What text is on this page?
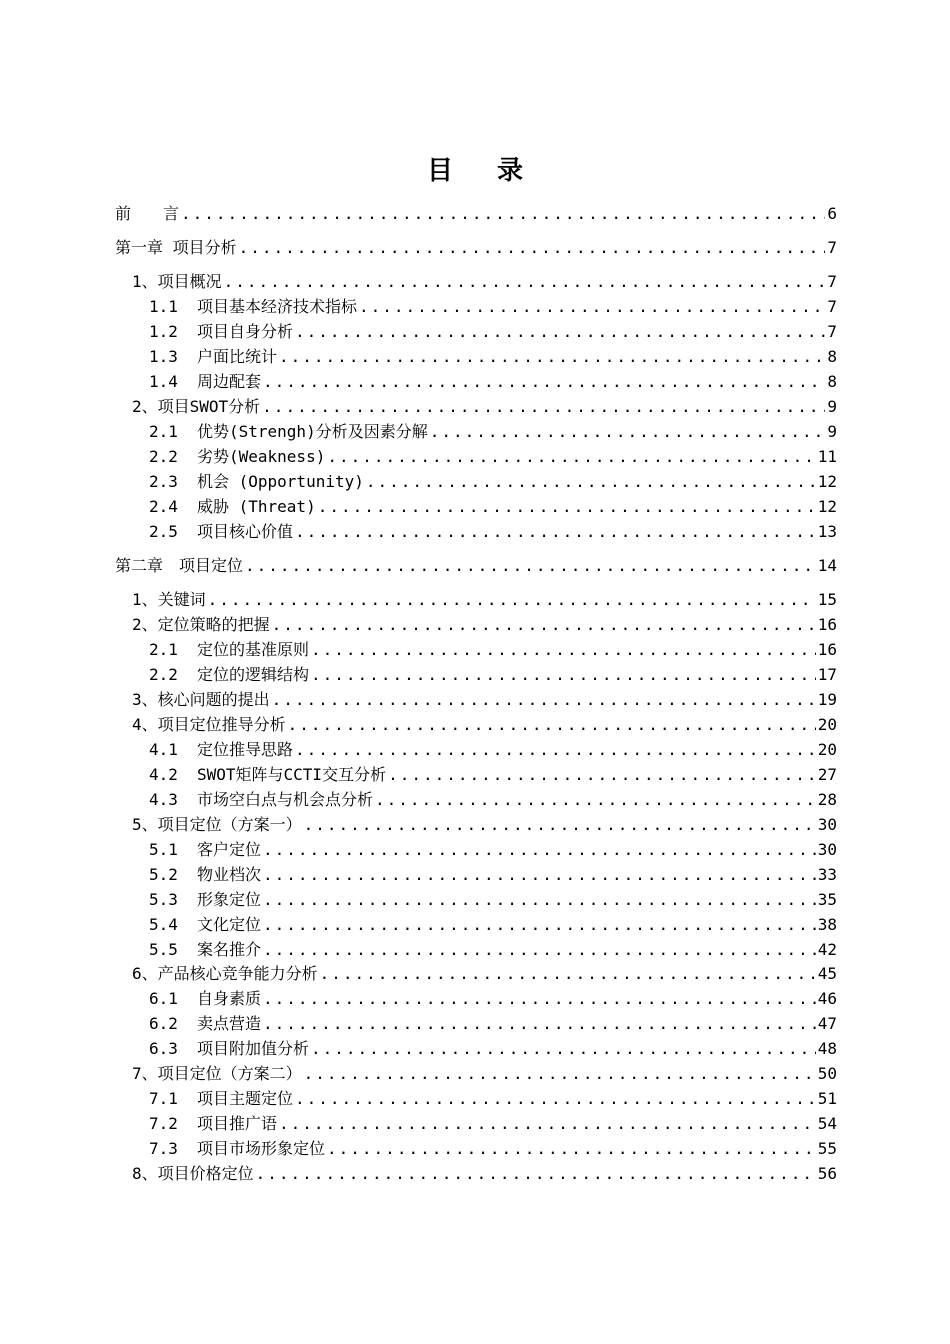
目 录
前　　言 .....	6
第一章 项目分析 .....	7
1、项目概况 .....	7
1.1 项目基本经济技术指标 .....	7
1.2 项目自身分析 .....	7
1.3 户面比统计 .....	8
1.4 周边配套 .....	8
2、项目SWOT分析 .....	9
2.1 优势(Strengh)分析及因素分解 .....	9
2.2 劣势(Weakness) .....	11
2.3 机会 (Opportunity) .....	12
2.4 威胁 (Threat) .....	12
2.5 项目核心价值 .....	13
第二章　项目定位 .....	14
1、关键词 .....	15
2、定位策略的把握 .....	16
2.1 定位的基准原则 .....	16
2.2 定位的逻辑结构 .....	17
3、核心问题的提出 .....	19
4、项目定位推导分析 .....	20
4.1 定位推导思路 .....	20
4.2 SWOT矩阵与CCTI交互分析 .....	27
4.3 市场空白点与机会点分析 .....	28
5、项目定位（方案一） .....	30
5.1 客户定位 .....	30
5.2 物业档次 .....	33
5.3 形象定位 .....	35
5.4 文化定位 .....	38
5.5 案名推介 .....	42
6、产品核心竞争能力分析 .....	45
6.1 自身素质 .....	46
6.2 卖点营造 .....	47
6.3 项目附加值分析 .....	48
7、项目定位（方案二） .....	50
7.1 项目主题定位 .....	51
7.2 项目推广语 .....	54
7.3 项目市场形象定位 .....	55
8、项目价格定位 .....	56
